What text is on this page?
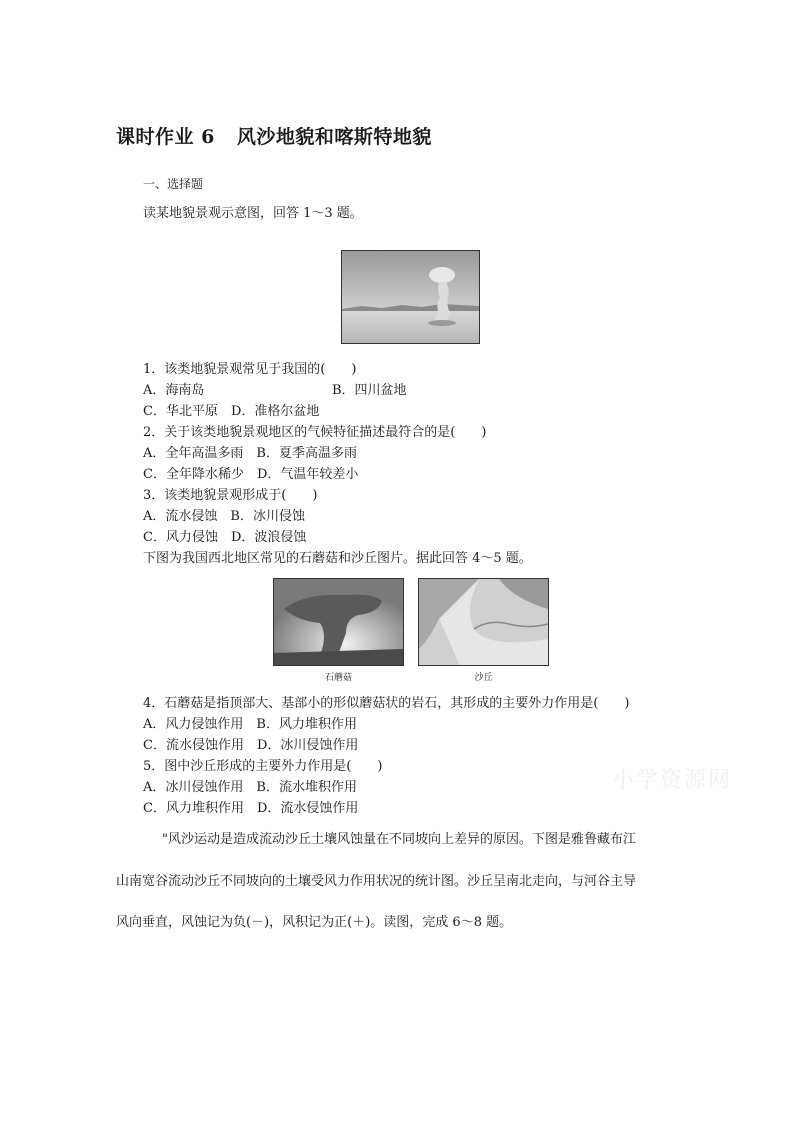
课时作业 6 风沙地貌和喀斯特地貌
一、选择题
读某地貌景观示意图，回答 1～3 题。
1．该类地貌景观常见于我国的(　　)
A．海南岛	B．四川盆地
C．华北平原　D．准格尔盆地
2．关于该类地貌景观地区的气候特征描述最符合的是(　　)
A．全年高温多雨　B．夏季高温多雨
C．全年降水稀少　D．气温年较差小
3．该类地貌景观形成于(　　)
A．流水侵蚀　B．冰川侵蚀
C．风力侵蚀　D．波浪侵蚀
下图为我国西北地区常见的石蘑菇和沙丘图片。据此回答 4～5 题。
石蘑菇	沙丘
4．石蘑菇是指顶部大、基部小的形似蘑菇状的岩石，其形成的主要外力作用是(　　)
A．风力侵蚀作用　B．风力堆积作用
C．流水侵蚀作用　D．冰川侵蚀作用
5．图中沙丘形成的主要外力作用是(　　)
A．冰川侵蚀作用　B．流水堆积作用
C．风力堆积作用　D．流水侵蚀作用
小学资源网
"风沙运动是造成流动沙丘土壤风蚀量在不同坡向上差异的原因。下图是雅鲁藏布江
山南宽谷流动沙丘不同坡向的土壤受风力作用状况的统计图。沙丘呈南北走向，与河谷主导
风向垂直，风蚀记为负(－)，风积记为正(＋)。读图，完成 6～8 题。
